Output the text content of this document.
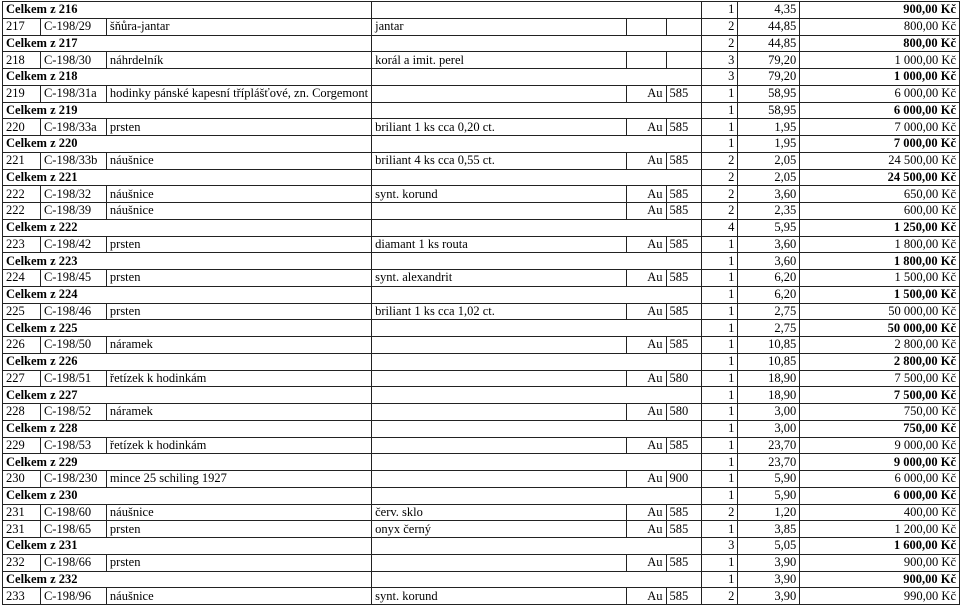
Celkem z 216						1	4,35	900,00 Kč
217	C-198/29	šňůra-jantar	jantar			2	44,85	800,00 Kč
Celkem z 217						2	44,85	800,00 Kč
218	C-198/30	náhrdelník	korál a imit. perel			3	79,20	1 000,00 Kč
Celkem z 218						3	79,20	1 000,00 Kč
219	C-198/31a	hodinky pánské kapesní tříplášťové, zn. Corgemont		Au	585	1	58,95	6 000,00 Kč
Celkem z 219						1	58,95	6 000,00 Kč
220	C-198/33a	prsten	briliant 1 ks cca 0,20 ct.	Au	585	1	1,95	7 000,00 Kč
Celkem z 220						1	1,95	7 000,00 Kč
221	C-198/33b	náušnice	briliant 4 ks cca 0,55 ct.	Au	585	2	2,05	24 500,00 Kč
Celkem z 221						2	2,05	24 500,00 Kč
222	C-198/32	náušnice	synt. korund	Au	585	2	3,60	650,00 Kč
222	C-198/39	náušnice		Au	585	2	2,35	600,00 Kč
Celkem z 222						4	5,95	1 250,00 Kč
223	C-198/42	prsten	diamant 1 ks routa	Au	585	1	3,60	1 800,00 Kč
Celkem z 223						1	3,60	1 800,00 Kč
224	C-198/45	prsten	synt. alexandrit	Au	585	1	6,20	1 500,00 Kč
Celkem z 224						1	6,20	1 500,00 Kč
225	C-198/46	prsten	briliant 1 ks cca 1,02 ct.	Au	585	1	2,75	50 000,00 Kč
Celkem z 225						1	2,75	50 000,00 Kč
226	C-198/50	náramek		Au	585	1	10,85	2 800,00 Kč
Celkem z 226						1	10,85	2 800,00 Kč
227	C-198/51	řetízek k hodinkám		Au	580	1	18,90	7 500,00 Kč
Celkem z 227						1	18,90	7 500,00 Kč
228	C-198/52	náramek		Au	580	1	3,00	750,00 Kč
Celkem z 228						1	3,00	750,00 Kč
229	C-198/53	řetízek k hodinkám		Au	585	1	23,70	9 000,00 Kč
Celkem z 229						1	23,70	9 000,00 Kč
230	C-198/230	mince 25 schiling 1927		Au	900	1	5,90	6 000,00 Kč
Celkem z 230						1	5,90	6 000,00 Kč
231	C-198/60	náušnice	červ. sklo	Au	585	2	1,20	400,00 Kč
231	C-198/65	prsten	onyx černý	Au	585	1	3,85	1 200,00 Kč
Celkem z 231						3	5,05	1 600,00 Kč
232	C-198/66	prsten		Au	585	1	3,90	900,00 Kč
Celkem z 232						1	3,90	900,00 Kč
233	C-198/96	náušnice	synt. korund	Au	585	2	3,90	990,00 Kč
